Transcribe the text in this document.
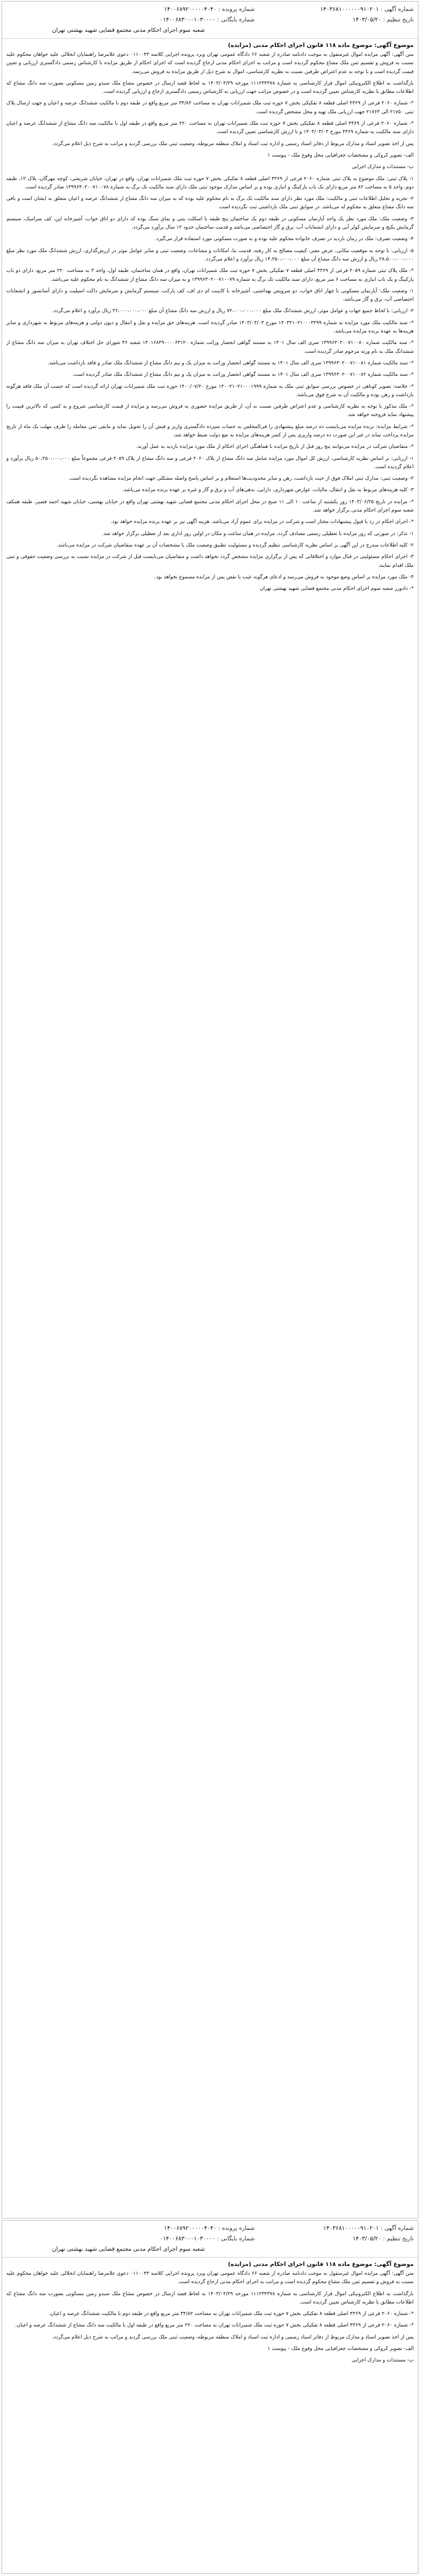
شماره آگهی : ۱۴۰۳۶۸۱۰۰۰۰۰۰۹۱۰۲۰۱
شماره پرونده : ۱۴۰۰۶۸۹۲۰۰۰۰۰۴۰۴۰
تاریخ تنظیم : ۱۴۰۳/۰۵/۲۰
شماره بایگانی : ۰۱۴۰۰۶۸۳۰۰۰۱۰۳۰۰۰۰
شعبه سوم اجرای احکام مدنی مجتمع قضایی شهید بهشتی تهران
موضوع آگهی: موضوع ماده ۱۱۸ قانون اجرای احکام مدنی (مزایده)

متن آگهی: آگهی مزایده اموال غیرمنقول به موجب دادنامه صادره از شعبه ۶۶ دادگاه عمومی تهران وبرد پرونده اجرایی کلاسه ۰۱۱۰۰۴۳ دعوی غلامرضا راهنمایان انحلالی علیه خواهان محکوم علیه نسبت به فروش و تقسیم ثمن ملک مشاع محکوم گردیده است و مراتب به اجرای احکام مدنی ارجاع گردیده است که اجرای احکام از طریق مزایده با کارشناس رسمی دادگستری ارزیابی و تعیین قیمت گردیده است و با توجه به عدم اعتراض طرفین نسبت به نظریه کارشناسی، اموال به شرح ذیل از طریق مزایده به فروش می‌رسد.

بارگذاشت به اطلاع الکترونیکی اموال قرار کارشناسی به شماره ۱۱۱۲۳۴۳۷۸ مورخه ۱۴۰۳/۰۴/۲۹ به لحاظ قصد ارسال در خصوص مشاع ملک سبدو زمین مسکونی بصورت سه دانگ مشاع که اطلاعات مطابق با نظریه کارشناس تعیین گردیده است و در خصوص مراتب جهت ارزیابی به کارشناس رسمی دادگستری ارجاع و ارزیابی گردیده است.

*- شماره ۲۰۶۰ فرعی از ۴۳۶۹ اصلی قطعه ۸ تفکیکی بخش ۷ حوزه ثبت ملک شمیرانات تهران به مساحت ۳۴/۸۲ متر مربع واقع در طبقه دوم با مالکیت ششدانگ عرصه و اعیان و جهت ارسال پلاک ثبتی ۲۱۷۵۰ الی ۲۱۷۶۳ جهت ارزیابی ملک تهیه و محل مشخص گردیده است.

*- شماره ۲۰۶۰ فرعی از ۴۳۶۹ اصلی قطعه ۸ تفکیکی بخش ۷ حوزه ثبت ملک شمیرانات تهران به مساحت ۲۲۰ متر مربع واقع در طبقه اول با مالکیت سه دانگ مشاع از ششدانگ عرصه و اعیان دارای سند مالکیت به شماره ۴۳۶۹ مورخ ۱۴۰۳/۰۳/۰۳ و با ارزش کارشناسی تعیین گردیده است.

پس از اخذ تصویر اسناد و مدارک مربوط از دفاتر اسناد رسمی و اداره ثبت اسناد و املاک منطقه مربوطه، وضعیت ثبتی ملک بررسی گردید و مراتب به شرح ذیل اعلام می‌گردد.

الف- تصویر کروکی و مشخصات جغرافیایی محل وقوع ملک - پیوست ۱

ب- مستندات و مدارک اجرایی

۱- پلاک ثبتی: ملک موضوع به پلاک ثبتی شماره ۲۰۶۰ فرعی از ۴۳۶۹ اصلی قطعه ۸ تفکیکی بخش ۷ حوزه ثبت ملک شمیرانات تهران، واقع در تهران، خیابان شریعتی، کوچه مهرگان، پلاک ۱۲، طبقه دوم، واحد ۵ به مساحت ۸۲ متر مربع دارای یک باب پارکینگ و انباری بوده و بر اساس مدارک موجود ثبتی ملک دارای سند مالکیت تک برگ به شماره ۱۳۹۹۶۳۰۲۰۰۷۱۰۰۷۸ صادر گردیده است.

۲- تجزیه و تحلیل اطلاعات ثبتی و مالکیت: ملک مورد نظر دارای سند مالکیت تک برگ به نام محکوم علیه بوده که به میزان سه دانگ مشاع از ششدانگ عرصه و اعیان متعلق به ایشان است و باقی سه دانگ مشاع متعلق به محکوم له می‌باشد. در سوابق ثبتی ملک بازداشتی ثبت نگردیده است.

۳- وضعیت ملک: ملک مورد نظر یک واحد آپارتمان مسکونی در طبقه دوم یک ساختمان پنج طبقه با اسکلت بتنی و نمای سنگ بوده که دارای دو اتاق خواب، آشپزخانه اپن، کف سرامیک، سیستم گرمایش پکیج و سرمایش کولر آبی و دارای انشعابات آب، برق و گاز اختصاصی می‌باشد و قدمت ساختمان حدود ۱۲ سال برآورد می‌گردد.

۴- وضعیت تصرف: ملک در زمان بازدید در تصرف خانواده محکوم علیه بوده و به صورت مسکونی مورد استفاده قرار می‌گیرد.

۵- ارزیابی: با توجه به موقعیت مکانی، عرض معبر، کیفیت مصالح به کار رفته، قدمت بنا، امکانات و مشاعات، وضعیت ثبتی و سایر عوامل موثر در ارزش‌گذاری، ارزش ششدانگ ملک مورد نظر مبلغ ۲۸،۵۰۰،۰۰۰،۰۰۰ ریال و ارزش سه دانگ مشاع آن مبلغ ۱۴،۲۵۰،۰۰۰،۰۰۰ ریال برآورد و اعلام می‌گردد.

*- ملک پلاک ثبتی شماره ۲۰۵۹ فرعی از ۴۳۶۹ اصلی قطعه ۷ تفکیکی بخش ۷ حوزه ثبت ملک شمیرانات تهران، واقع در همان ساختمان، طبقه اول، واحد ۳ به مساحت ۲۲۰ متر مربع، دارای دو باب پارکینگ و یک باب انباری به مساحت ۶ متر مربع، دارای سند مالکیت تک برگ به شماره ۱۳۹۹۶۳۰۲۰۰۷۱۰۰۷۹ و به میزان سه دانگ مشاع از ششدانگ به نام محکوم علیه می‌باشد.

۱- وضعیت ملک: آپارتمان مسکونی با چهار اتاق خواب، دو سرویس بهداشتی، آشپزخانه با کابینت ام دی اف، کف پارکت، سیستم گرمایش و سرمایش داکت اسپلیت و دارای آسانسور و انشعابات اختصاصی آب، برق و گاز می‌باشد.

۲- ارزیابی: با لحاظ جمیع جهات و عوامل موثر، ارزش ششدانگ ملک مبلغ ۷۲،۰۰۰،۰۰۰،۰۰۰ ریال و ارزش سه دانگ مشاع آن مبلغ ۳۶،۰۰۰،۰۰۰،۰۰۰ ریال برآورد و اعلام می‌گردد.

*- سند مالکیت ملک مورد مزایده به شماره ۱۴۰۳۲۱۰۲۱۰۰۰۳۲۹۹ مورخ ۱۴۰۳/۰۳/۰۳ صادر گردیده است. هزینه‌های حق مزایده و نقل و انتقال و دیون دولتی و هزینه‌های مربوط به شهرداری و سایر هزینه‌ها به عهده برنده مزایده می‌باشد.

*- سند مالکیت شماره ۱۳۹۹۶۳۰۲۰۰۷۱۰۰۸۰ سری الف سال ۱۴۰۱ به مستند گواهی انحصار وراثت شماره ۱۴۰۱۶۸۳۹۰۰۰۰۶۳۱۲۰ شعبه ۴۶ شورای حل اختلاف تهران به میزان سه دانگ مشاع از ششدانگ ملک به نام ورثه مرحوم صادر گردیده است.

*- سند مالکیت شماره ۱۳۹۹۶۳۰۲۰۰۷۱۰۰۸۱ سری الف سال ۱۴۰۱ به مستند گواهی انحصار وراثت به میزان یک و نیم دانگ مشاع از ششدانگ ملک صادر و فاقد بازداشت می‌باشد.

*- سند مالکیت شماره ۱۳۹۹۶۳۰۲۰۰۷۱۰۰۸۲ سری الف سال ۱۴۰۱ به مستند گواهی انحصار وراثت به میزان یک و نیم دانگ مشاع از ششدانگ ملک صادر گردیده است.

*- خلاصه: تصویر کوتاهی در خصوص بررسی سوابق ثبتی ملک به شماره ۱۴۰۰۲۱۰۲۱۰۰۰۱۹۹۹ مورخ ۱۴۰۰/۰۷/۲۰ حوزه ثبت ملک شمیرانات تهران ارائه گردیده است که حسب آن ملک فاقد هرگونه بازداشت و رهن بوده و مالکیت آن به شرح فوق می‌باشد.

*- ملک مذکور با توجه به نظریه کارشناسی و عدم اعتراض طرفین نسبت به آن، از طریق مزایده حضوری به فروش می‌رسد و مزایده از قیمت کارشناسی شروع و به کسی که بالاترین قیمت را پیشنهاد نماید فروخته خواهد شد.

*- شرایط مزایده: برنده مزایده می‌بایست ده درصد مبلغ پیشنهادی را فی‌المجلس به حساب سپرده دادگستری واریز و فیش آن را تحویل نماید و مابقی ثمن معامله را ظرف مهلت یک ماه از تاریخ مزایده پرداخت نماید در غیر این صورت ده درصد واریزی پس از کسر هزینه‌های مزایده به نفع دولت ضبط خواهد شد.

*- متقاضیان شرکت در مزایده می‌توانند پنج روز قبل از تاریخ مزایده با هماهنگی اجرای احکام از ملک مورد مزایده بازدید به عمل آورند.

۱- ارزیابی: بر اساس نظریه کارشناسی، ارزش کل اموال مورد مزایده شامل سه دانگ مشاع از پلاک ۲۰۶۰ فرعی و سه دانگ مشاع از پلاک ۲۰۵۹ فرعی مجموعاً مبلغ ۵۰،۲۵۰،۰۰۰،۰۰۰ ریال برآورد و اعلام گردیده است.

۲- وضعیت ثبتی: مدارک ثبتی املاک فوق از حیث بازداشت، رهن و سایر محدودیت‌ها استعلام و بر اساس پاسخ واصله مشکلی جهت انجام مزایده مشاهده نگردیده است.

۳- کلیه هزینه‌های مربوط به نقل و انتقال، مالیات، عوارض شهرداری، دارایی، بدهی‌های آب و برق و گاز و غیره بر عهده برنده مزایده می‌باشد.

*- مزایده در تاریخ ۱۴۰۳/۰۶/۲۵ روز یکشنبه از ساعت ۱۰ الی ۱۱ صبح در محل اجرای احکام مدنی مجتمع قضایی شهید بهشتی تهران واقع در خیابان بهشتی، خیابان شهید احمد قصیر، طبقه همکف شعبه سوم اجرای احکام مدنی برگزار خواهد شد.

*- اجرای احکام در رد یا قبول پیشنهادات مختار است و شرکت در مزایده برای عموم آزاد می‌باشد. هزینه آگهی نیز بر عهده برنده مزایده خواهد بود.

۱- تذکر: در صورتی که روز مزایده با تعطیلی رسمی مصادف گردد، مزایده در همان ساعت و مکان در اولین روز اداری بعد از تعطیلی برگزار خواهد شد.

۲- کلیه اطلاعات مندرج در این آگهی بر اساس نظریه کارشناسی تنظیم گردیده و مسئولیت تطبیق وضعیت ملک با مشخصات آن بر عهده متقاضیان شرکت در مزایده می‌باشد.

۳- اجرای احکام مسئولیتی در قبال موارد و اختلافاتی که پس از برگزاری مزایده مشخص گردد نخواهد داشت و متقاضیان می‌بایست قبل از شرکت در مزایده نسبت به بررسی وضعیت حقوقی و ثبتی ملک اقدام نمایند.

۴- ملک مورد مزایده بر اساس وضع موجود به فروش می‌رسد و ادعای هرگونه عیب یا نقص پس از مزایده مسموع نخواهد بود.

*- دادورز شعبه سوم اجرای احکام مدنی مجتمع قضایی شهید بهشتی تهران

شماره آگهی : ۱۴۰۳۶۸۱۰۰۰۰۰۹۱۰۲۰۱
شماره پرونده : ۱۴۰۰۶۸۹۲۰۰۰۰۰۴۰۴۰
تاریخ تنظیم : ۱۴۰۳/۰۵/۲۰
شماره بایگانی : ۰۱۴۰۰۶۸۳۰۰۰۱۰۳۰۰۰۰
شعبه سوم اجرای احکام مدنی مجتمع قضایی شهید بهشتی تهران
موضوع آگهی: موضوع ماده ۱۱۸ قانون اجرای احکام مدنی (مزایده)

متن آگهی: آگهی مزایده اموال غیرمنقول به موجب دادنامه صادره از شعبه ۶۶ دادگاه عمومی تهران وبرد پرونده اجرایی کلاسه ۰۱۱۰۰۴۳ دعوی غلامرضا راهنمایان انحلالی علیه خواهان محکوم علیه نسبت به فروش و تقسیم ثمن ملک مشاع محکوم گردیده است و مراتب به اجرای احکام مدنی ارجاع گردیده است.

بارگذاشت به اطلاع الکترونیکی اموال قرار کارشناسی به شماره ۱۱۱۲۳۴۳۷۸ مورخه ۱۴۰۳/۰۴/۲۹ به لحاظ قصد ارسال در خصوص مشاع ملک سبدو زمین مسکونی بصورت سه دانگ مشاع که اطلاعات مطابق با نظریه کارشناس تعیین گردیده است.

*- شماره ۲۰۶۰ فرعی از ۴۳۶۹ اصلی قطعه ۸ تفکیکی بخش ۷ حوزه ثبت ملک شمیرانات تهران به مساحت ۳۴/۸۲ متر مربع واقع در طبقه دوم با مالکیت ششدانگ عرصه و اعیان.

*- شماره ۲۰۶۰ فرعی از ۴۳۶۹ اصلی قطعه ۸ تفکیکی بخش ۷ حوزه ثبت ملک شمیرانات تهران به مساحت ۲۲۰ متر مربع واقع در طبقه اول با مالکیت سه دانگ مشاع از ششدانگ عرصه و اعیان.

پس از اخذ تصویر اسناد و مدارک مربوط از دفاتر اسناد رسمی و اداره ثبت اسناد و املاک منطقه مربوطه، وضعیت ثبتی ملک بررسی گردید و مراتب به شرح ذیل اعلام می‌گردد.

الف- تصویر کروکی و مشخصات جغرافیایی محل وقوع ملک - پیوست ۱

ب- مستندات و مدارک اجرایی
